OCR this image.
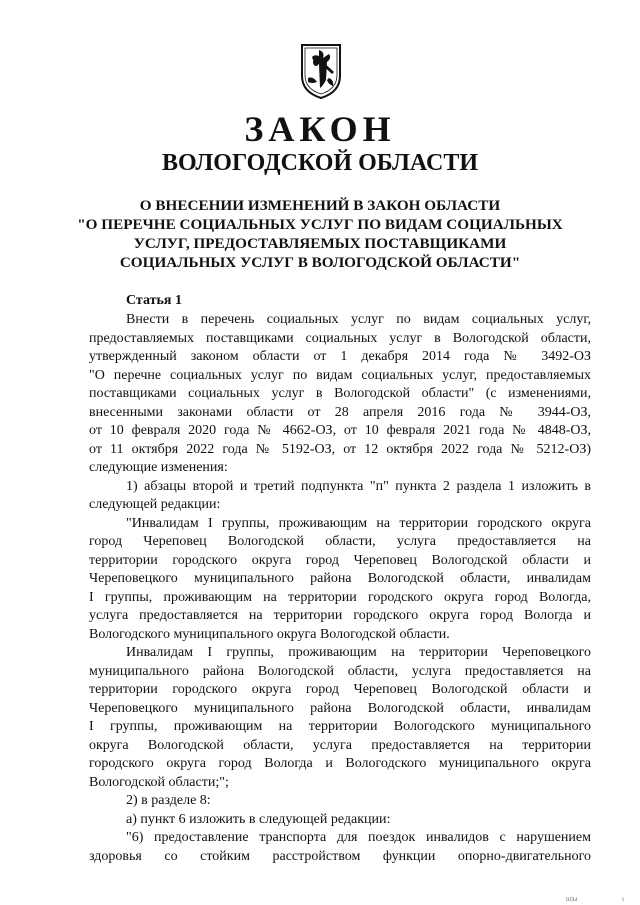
ЗАКОН
ВОЛОГОДСКОЙ ОБЛАСТИ
О ВНЕСЕНИИ ИЗМЕНЕНИЙ В ЗАКОН ОБЛАСТИ
"О ПЕРЕЧНЕ СОЦИАЛЬНЫХ УСЛУГ ПО ВИДАМ СОЦИАЛЬНЫХ
УСЛУГ, ПРЕДОСТАВЛЯЕМЫХ ПОСТАВЩИКАМИ
СОЦИАЛЬНЫХ УСЛУГ В ВОЛОГОДСКОЙ ОБЛАСТИ"
Статья 1
Внести в перечень социальных услуг по видам социальных услуг,
предоставляемых поставщиками социальных услуг в Вологодской области,
утвержденный законом области от 1 декабря 2014 года № 3492-ОЗ
"О перечне социальных услуг по видам социальных услуг, предоставляемых
поставщиками социальных услуг в Вологодской области" (с изменениями,
внесенными законами области от 28 апреля 2016 года № 3944-ОЗ,
от 10 февраля 2020 года № 4662-ОЗ, от 10 февраля 2021 года № 4848-ОЗ,
от 11 октября 2022 года № 5192-ОЗ, от 12 октября 2022 года № 5212-ОЗ)
следующие изменения:
1) абзацы второй и третий подпункта "п" пункта 2 раздела 1 изложить в
следующей редакции:
"Инвалидам I группы, проживающим на территории городского округа
город Череповец Вологодской области, услуга предоставляется на
территории городского округа город Череповец Вологодской области и
Череповецкого муниципального района Вологодской области, инвалидам
I группы, проживающим на территории городского округа город Вологда,
услуга предоставляется на территории городского округа город Вологда и
Вологодского муниципального округа Вологодской области.
Инвалидам I группы, проживающим на территории Череповецкого
муниципального района Вологодской области, услуга предоставляется на
территории городского округа город Череповец Вологодской области и
Череповецкого муниципального района Вологодской области, инвалидам
I группы, проживающим на территории Вологодского муниципального
округа Вологодской области, услуга предоставляется на территории
городского округа город Вологда и Вологодского муниципального округа
Вологодской области;";
2) в разделе 8:
а) пункт 6 изложить в следующей редакции:
"6) предоставление транспорта для поездок инвалидов с нарушением
здоровья со стойким расстройством функции опорно-двигательного
ш|ы	ı
